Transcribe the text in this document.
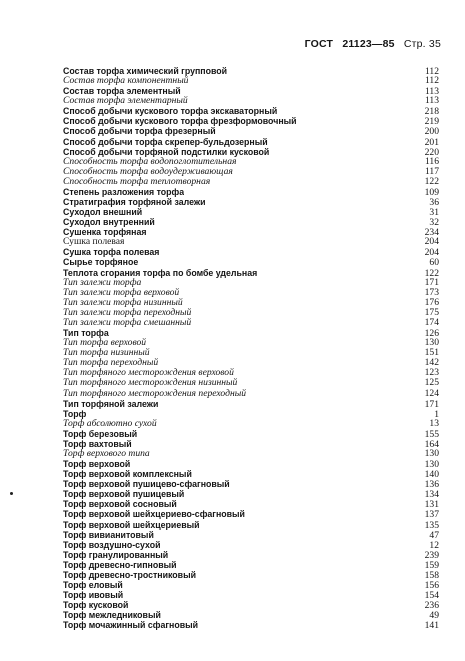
ГОСТ 21123—85 Стр. 35
Состав торфа химический групповой	112
Состав торфа компонентный	112
Состав торфа элементный	113
Состав торфа элементарный	113
Способ добычи кускового торфа экскаваторный	218
Способ добычи кускового торфа фрезформовочный	219
Способ добычи торфа фрезерный	200
Способ добычи торфа скрепер-бульдозерный	201
Способ добычи торфяной подстилки кусковой	220
Способность торфа водопоглотительная	116
Способность торфа водоудерживающая	117
Способность торфа теплотворная	122
Степень разложения торфа	109
Стратиграфия торфяной залежи	36
Суходол внешний	31
Суходол внутренний	32
Сушенка торфяная	234
Сушка полевая	204
Сушка торфа полевая	204
Сырье торфяное	60
Теплота сгорания торфа по бомбе удельная	122
Тип залежи торфа	171
Тип залежи торфа верховой	173
Тип залежи торфа низинный	176
Тип залежи торфа переходный	175
Тип залежи торфа смешанный	174
Тип торфа	126
Тип торфа верховой	130
Тип торфа низинный	151
Тип торфа переходный	142
Тип торфяного месторождения верховой	123
Тип торфяного месторождения низинный	125
Тип торфяного месторождения переходный	124
Тип торфяной залежи	171
Торф	1
Торф абсолютно сухой	13
Торф березовый	155
Торф вахтовый	164
Торф верхового типа	130
Торф верховой	130
Торф верховой комплексный	140
Торф верховой пушицево-сфагновый	136
Торф верховой пушицевый	134
Торф верховой сосновый	131
Торф верховой шейхцериево-сфагновый	137
Торф верховой шейхцериевый	135
Торф вивианитовый	47
Торф воздушно-сухой	12
Торф гранулированный	239
Торф древесно-гипновый	159
Торф древесно-тростниковый	158
Торф еловый	156
Торф ивовый	154
Торф кусковой	236
Торф межледниковый	49
Торф мочажинный сфагновый	141
